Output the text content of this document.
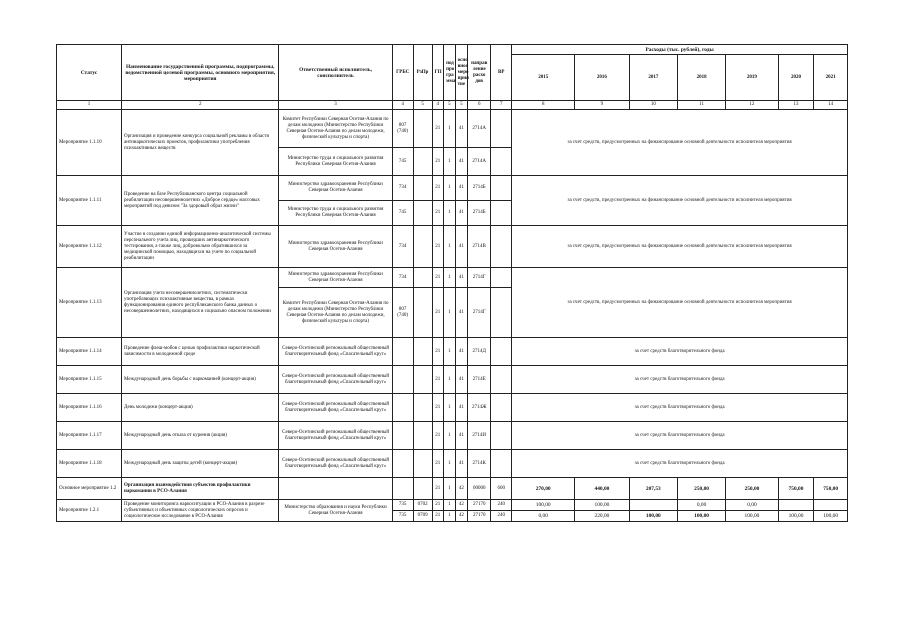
Статус	Наименование государственной программы, подпрограммы, ведомственной целевой программы, основного мероприятия, мероприятия	Ответственный исполнитель, соисполнитель	ГРБС	РзПр	ГП	под про гра мма	осно вное меро прия тие	направ ление расхо дов	ВР	Расходы (тыс. рублей), годы						
										2015	2016	2017	2018	2019	2020	2021
1	2	3	4	5	4	5	5	6	7	8	9	10	11	12	13	14
Мероприятие 1.1.10	Организация и проведение конкурса социальной рекламы в области антинаркотических проектов, профилактики употребления психоактивных веществ	Комитет Республики Северная Осетия-Алания по делам молодежи (Министерство Республики Северная Осетия-Алания по делам молодежи, физической культуры и спорта)	807 (740)		21	1	41	2714А		за счет средств, предусмотренных на финансирование основной деятельности исполнителя мероприятия						
		Министерство труда и социального развития Республики Северная Осетия-Алания	745		21	1	41	2714А								
Мероприятие 1.1.11	Проведение на базе Республиканского центра социальной реабилитации несовершеннолетних «Доброе сердце» массовых мероприятий под девизом "За здоровый образ жизни"	Министерство здравоохранения Республики Северная Осетия-Алания	734		21	1	41	2714Б		за счет средств, предусмотренных на финансирование основной деятельности исполнителя мероприятия						
		Министерство труда и социального развития Республики Северная Осетия-Алания	745		21	1	41	2714Б								
Мероприятие 1.1.12	Участие в создании единой информационно-аналитической системы персонального учета лиц, прошедших антинаркотического тестирования, а также лиц, добровольно обратившихся за медицинской помощью, находящихся на учете по социальной реабилитации	Министерство здравоохранения Республики Северная Осетия-Алания	734		21	1	41	2714В		за счет средств, предусмотренных на финансирование основной деятельности исполнителя мероприятия						
Мероприятие 1.1.13	Организация учета несовершеннолетних, систематически употребляющих психоактивные вещества, в рамках функционирования единого республиканского банка данных о несовершеннолетних, находящихся в социально опасном положении	Министерство здравоохранения Республики Северная Осетия-Алания	734		21	1	41	2714Г		за счет средств, предусмотренных на финансирование основной деятельности исполнителя мероприятия						
		Комитет Республики Северная Осетия-Алания по делам молодежи (Министерство Республики Северная Осетия-Алания по делам молодежи, физической культуры и спорта)	807 (740)		21	1	41	2714Г								
Мероприятие 1.1.14	Проведение флеш-мобов с целью профилактики наркотической зависимости в молодежной среде	Северо-Осетинский региональный общественный благотворительный фонд «Спасательный круг»			21	1	41	2714Д		за счет средств благотворительного фонда						
Мероприятие 1.1.15	Международный день борьбы с наркоманией (концерт-акция)	Северо-Осетинский региональный общественный благотворительный фонд «Спасательный круг»			21	1	41	2714Е		за счет средств благотворительного фонда						
Мероприятие 1.1.16	День молодежи (концерт-акция)	Северо-Осетинский региональный общественный благотворительный фонд «Спасательный круг»			21	1	41	2714Ж		за счет средств благотворительного фонда						
Мероприятие 1.1.17	Международный день отказа от курения (акция)	Северо-Осетинский региональный общественный благотворительный фонд «Спасательный круг»			21	1	41	2714И		за счет средств благотворительного фонда						
Мероприятие 1.1.18	Международный день защиты детей (концерт-акция)	Северо-Осетинский региональный общественный благотворительный фонд «Спасательный круг»			21	1	41	2714К		за счет средств благотворительного фонда						
Основное мероприятие 1.2	Организация взаимодействия субъектов профилактики наркомании в РСО-Алания				21	1	42	00000	600	270,00	440,00	207,53	250,00	250,00	750,00	750,00
Мероприятие 1.2.1	Проведение мониторинга наркоситуации в РСО-Алания в разрезе субъективных и объективных социологических опросов и социологическое исследование в РСО-Алания	Министерство образования и науки Республики Северная Осетия-Алания	735	0702	21	1	42	27170	240	100,00	100,00		0,00	0,00		
			735	0709	21	1	42	27170	240	0,00	220,00	100,00	100,00	100,00	100,00	100,00
